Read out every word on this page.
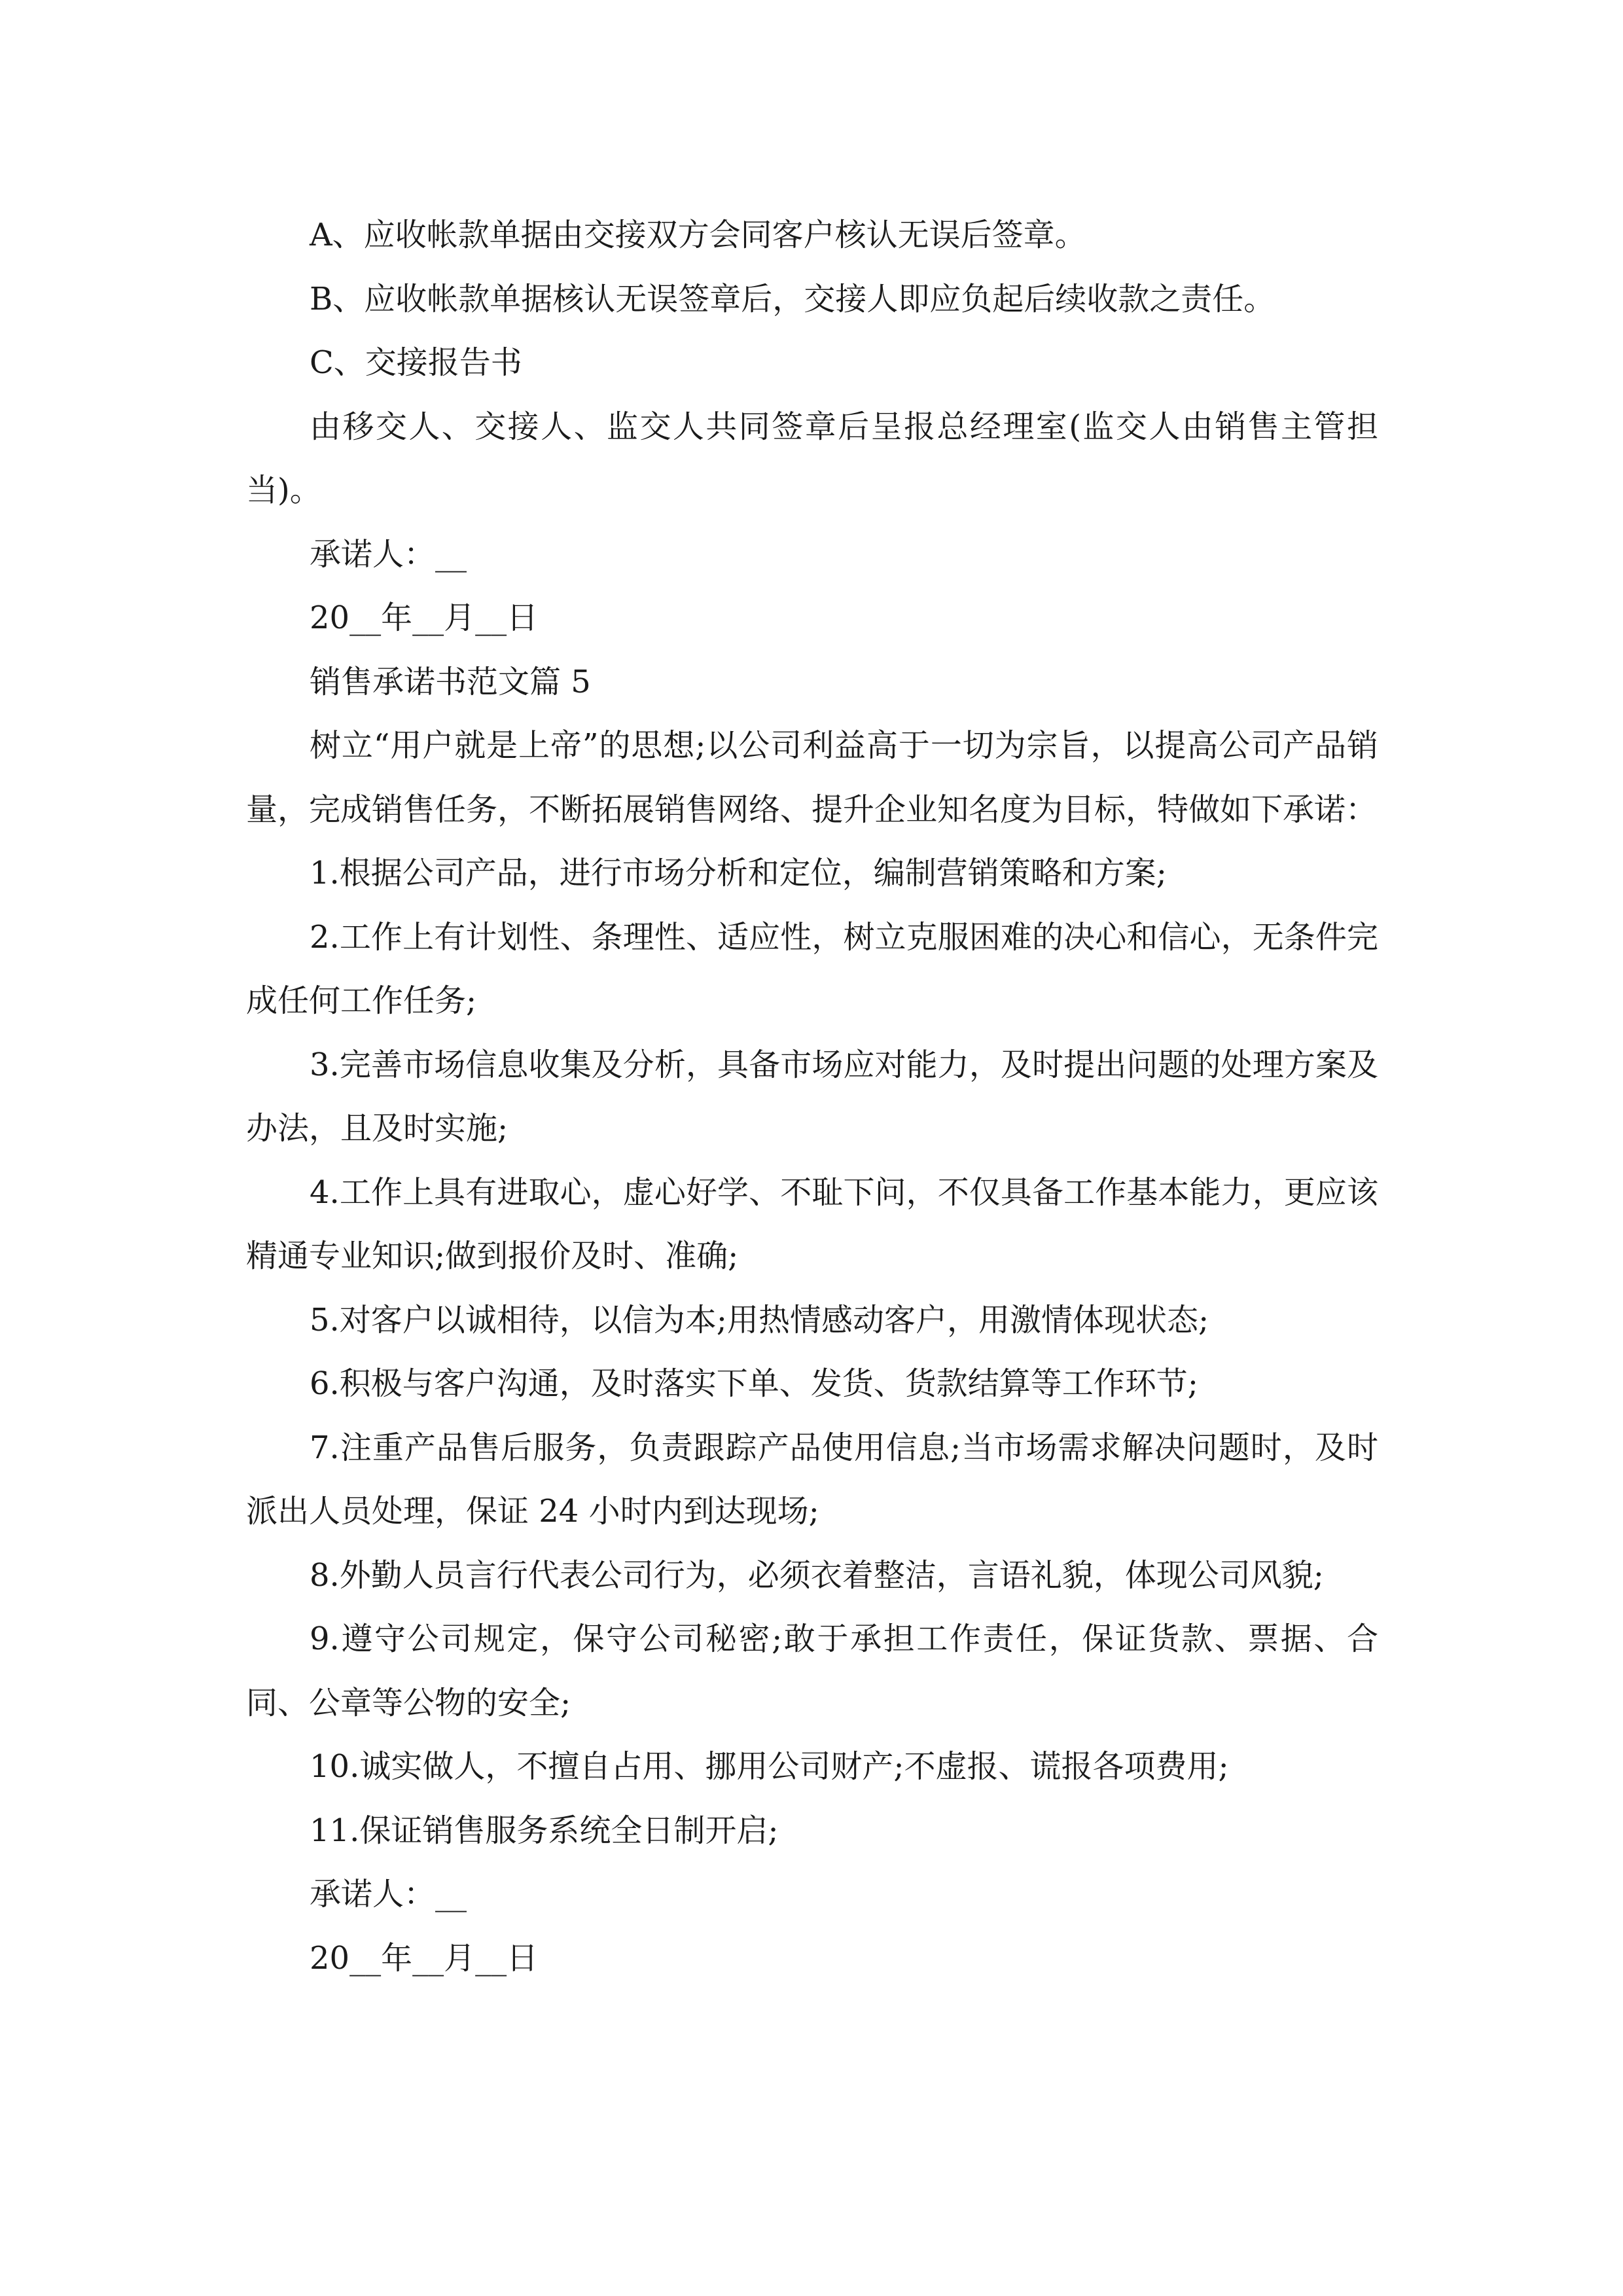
A、应收帐款单据由交接双方会同客户核认无误后签章。

B、应收帐款单据核认无误签章后，交接人即应负起后续收款之责任。

C、交接报告书

由移交人、交接人、监交人共同签章后呈报总经理室(监交人由销售主管担当)。

承诺人：__

20__年__月__日

销售承诺书范文篇 5

树立“用户就是上帝”的思想;以公司利益高于一切为宗旨，以提高公司产品销量，完成销售任务，不断拓展销售网络、提升企业知名度为目标，特做如下承诺：

1.根据公司产品，进行市场分析和定位，编制营销策略和方案;

2.工作上有计划性、条理性、适应性，树立克服困难的决心和信心，无条件完成任何工作任务;

3.完善市场信息收集及分析，具备市场应对能力，及时提出问题的处理方案及办法，且及时实施;

4.工作上具有进取心，虚心好学、不耻下问，不仅具备工作基本能力，更应该精通专业知识;做到报价及时、准确;

5.对客户以诚相待，以信为本;用热情感动客户，用激情体现状态;

6.积极与客户沟通，及时落实下单、发货、货款结算等工作环节;

7.注重产品售后服务，负责跟踪产品使用信息;当市场需求解决问题时，及时派出人员处理，保证 24 小时内到达现场;

8.外勤人员言行代表公司行为，必须衣着整洁，言语礼貌，体现公司风貌;

9.遵守公司规定，保守公司秘密;敢于承担工作责任，保证货款、票据、合同、公章等公物的安全;

10.诚实做人，不擅自占用、挪用公司财产;不虚报、谎报各项费用;

11.保证销售服务系统全日制开启;

承诺人：__

20__年__月__日
